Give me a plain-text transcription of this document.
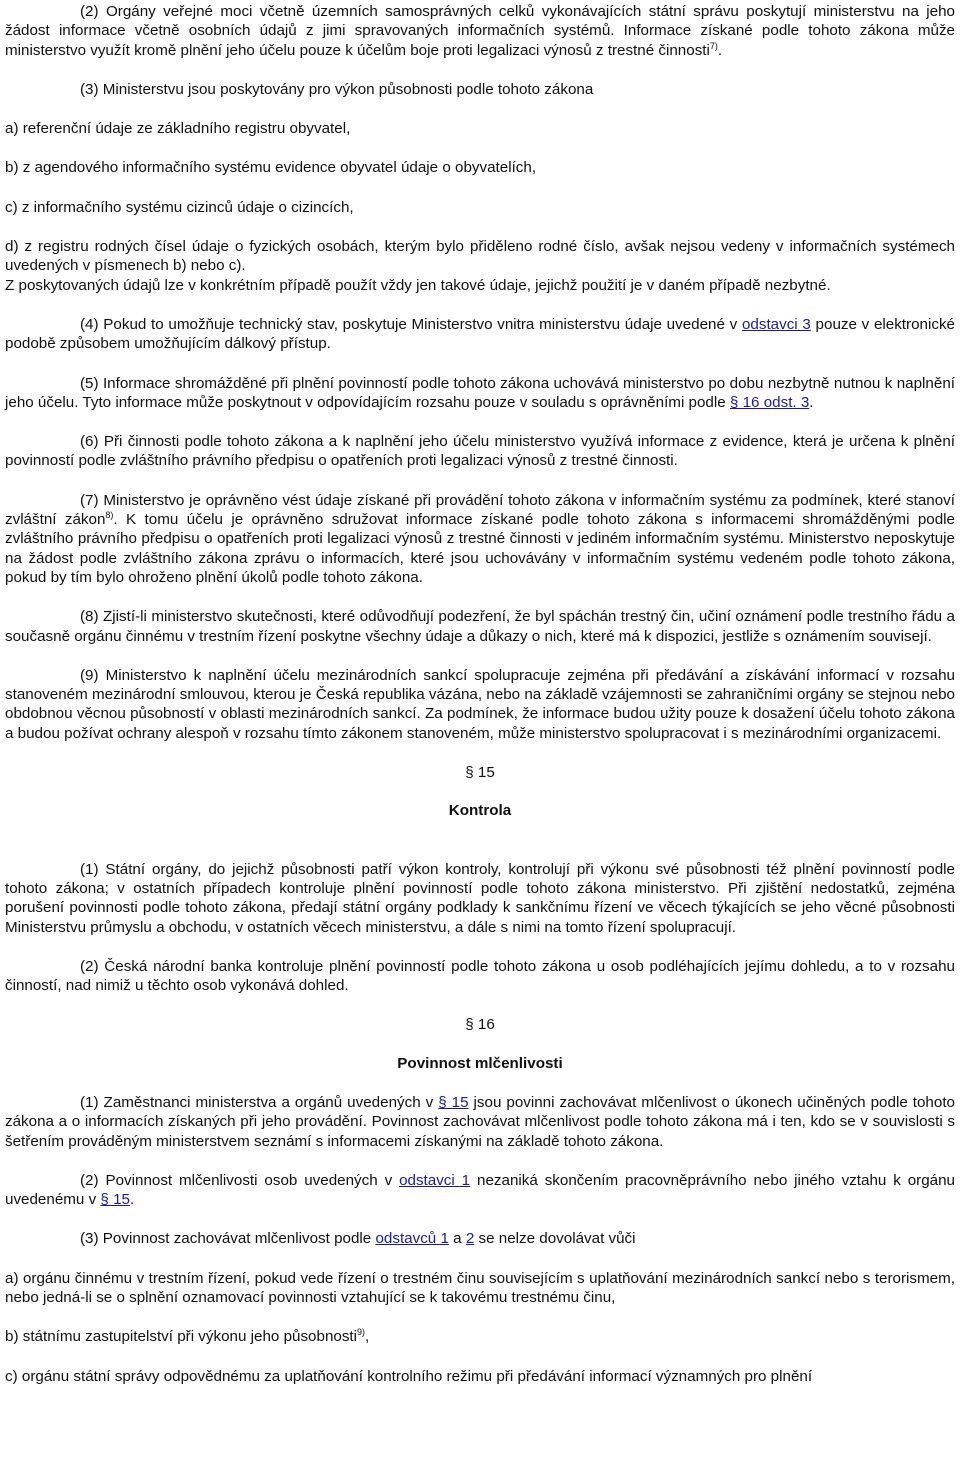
(2) Orgány veřejné moci včetně územních samosprávných celků vykonávajících státní správu poskytují ministerstvu na jeho žádost informace včetně osobních údajů z jimi spravovaných informačních systémů. Informace získané podle tohoto zákona může ministerstvo využít kromě plnění jeho účelu pouze k účelům boje proti legalizaci výnosů z trestné činnosti$^{7)}$.

(3) Ministerstvu jsou poskytovány pro výkon působnosti podle tohoto zákona

a) referenční údaje ze základního registru obyvatel,

b) z agendového informačního systému evidence obyvatel údaje o obyvatelích,

c) z informačního systému cizinců údaje o cizincích,

d) z registru rodných čísel údaje o fyzických osobách, kterým bylo přiděleno rodné číslo, avšak nejsou vedeny v informačních systémech uvedených v písmenech b) nebo c).

Z poskytovaných údajů lze v konkrétním případě použít vždy jen takové údaje, jejichž použití je v daném případě nezbytné.

(4) Pokud to umožňuje technický stav, poskytuje Ministerstvo vnitra ministerstvu údaje uvedené v odstavci 3 pouze v elektronické podobě způsobem umožňujícím dálkový přístup.

(5) Informace shromážděné při plnění povinností podle tohoto zákona uchovává ministerstvo po dobu nezbytně nutnou k naplnění jeho účelu. Tyto informace může poskytnout v odpovídajícím rozsahu pouze v souladu s oprávněními podle § 16 odst. 3.

(6) Při činnosti podle tohoto zákona a k naplnění jeho účelu ministerstvo využívá informace z evidence, která je určena k plnění povinností podle zvláštního právního předpisu o opatřeních proti legalizaci výnosů z trestné činnosti.

(7) Ministerstvo je oprávněno vést údaje získané při provádění tohoto zákona v informačním systému za podmínek, které stanoví zvláštní zákon$^{8)}$. K tomu účelu je oprávněno sdružovat informace získané podle tohoto zákona s informacemi shromážděnými podle zvláštního právního předpisu o opatřeních proti legalizaci výnosů z trestné činnosti v jediném informačním systému. Ministerstvo neposkytuje na žádost podle zvláštního zákona zprávu o informacích, které jsou uchovávány v informačním systému vedeném podle tohoto zákona, pokud by tím bylo ohroženo plnění úkolů podle tohoto zákona.

(8) Zjistí-li ministerstvo skutečnosti, které odůvodňují podezření, že byl spáchán trestný čin, učiní oznámení podle trestního řádu a současně orgánu činnému v trestním řízení poskytne všechny údaje a důkazy o nich, které má k dispozici, jestliže s oznámením souvisejí.

(9) Ministerstvo k naplnění účelu mezinárodních sankcí spolupracuje zejména při předávání a získávání informací v rozsahu stanoveném mezinárodní smlouvou, kterou je Česká republika vázána, nebo na základě vzájemnosti se zahraničními orgány se stejnou nebo obdobnou věcnou působností v oblasti mezinárodních sankcí. Za podmínek, že informace budou užity pouze k dosažení účelu tohoto zákona a budou požívat ochrany alespoň v rozsahu tímto zákonem stanoveném, může ministerstvo spolupracovat i s mezinárodními organizacemi.

§ 15

Kontrola

(1) Státní orgány, do jejichž působnosti patří výkon kontroly, kontrolují při výkonu své působnosti též plnění povinností podle tohoto zákona; v ostatních případech kontroluje plnění povinností podle tohoto zákona ministerstvo. Při zjištění nedostatků, zejména porušení povinnosti podle tohoto zákona, předají státní orgány podklady k sankčnímu řízení ve věcech týkajících se jeho věcné působnosti Ministerstvu průmyslu a obchodu, v ostatních věcech ministerstvu, a dále s nimi na tomto řízení spolupracují.

(2) Česká národní banka kontroluje plnění povinností podle tohoto zákona u osob podléhajících jejímu dohledu, a to v rozsahu činností, nad nimiž u těchto osob vykonává dohled.

§ 16

Povinnost mlčenlivosti

(1) Zaměstnanci ministerstva a orgánů uvedených v § 15 jsou povinni zachovávat mlčenlivost o úkonech učiněných podle tohoto zákona a o informacích získaných při jeho provádění. Povinnost zachovávat mlčenlivost podle tohoto zákona má i ten, kdo se v souvislosti s šetřením prováděným ministerstvem seznámí s informacemi získanými na základě tohoto zákona.

(2) Povinnost mlčenlivosti osob uvedených v odstavci 1 nezaniká skončením pracovněprávního nebo jiného vztahu k orgánu uvedenému v § 15.

(3) Povinnost zachovávat mlčenlivost podle odstavců 1 a 2 se nelze dovolávat vůči

a) orgánu činnému v trestním řízení, pokud vede řízení o trestném činu souvisejícím s uplatňování mezinárodních sankcí nebo s terorismem, nebo jedná-li se o splnění oznamovací povinnosti vztahující se k takovému trestnému činu,

b) státnímu zastupitelství při výkonu jeho působnosti$^{9)}$,

c) orgánu státní správy odpovědnému za uplatňování kontrolního režimu při předávání informací významných pro plnění
